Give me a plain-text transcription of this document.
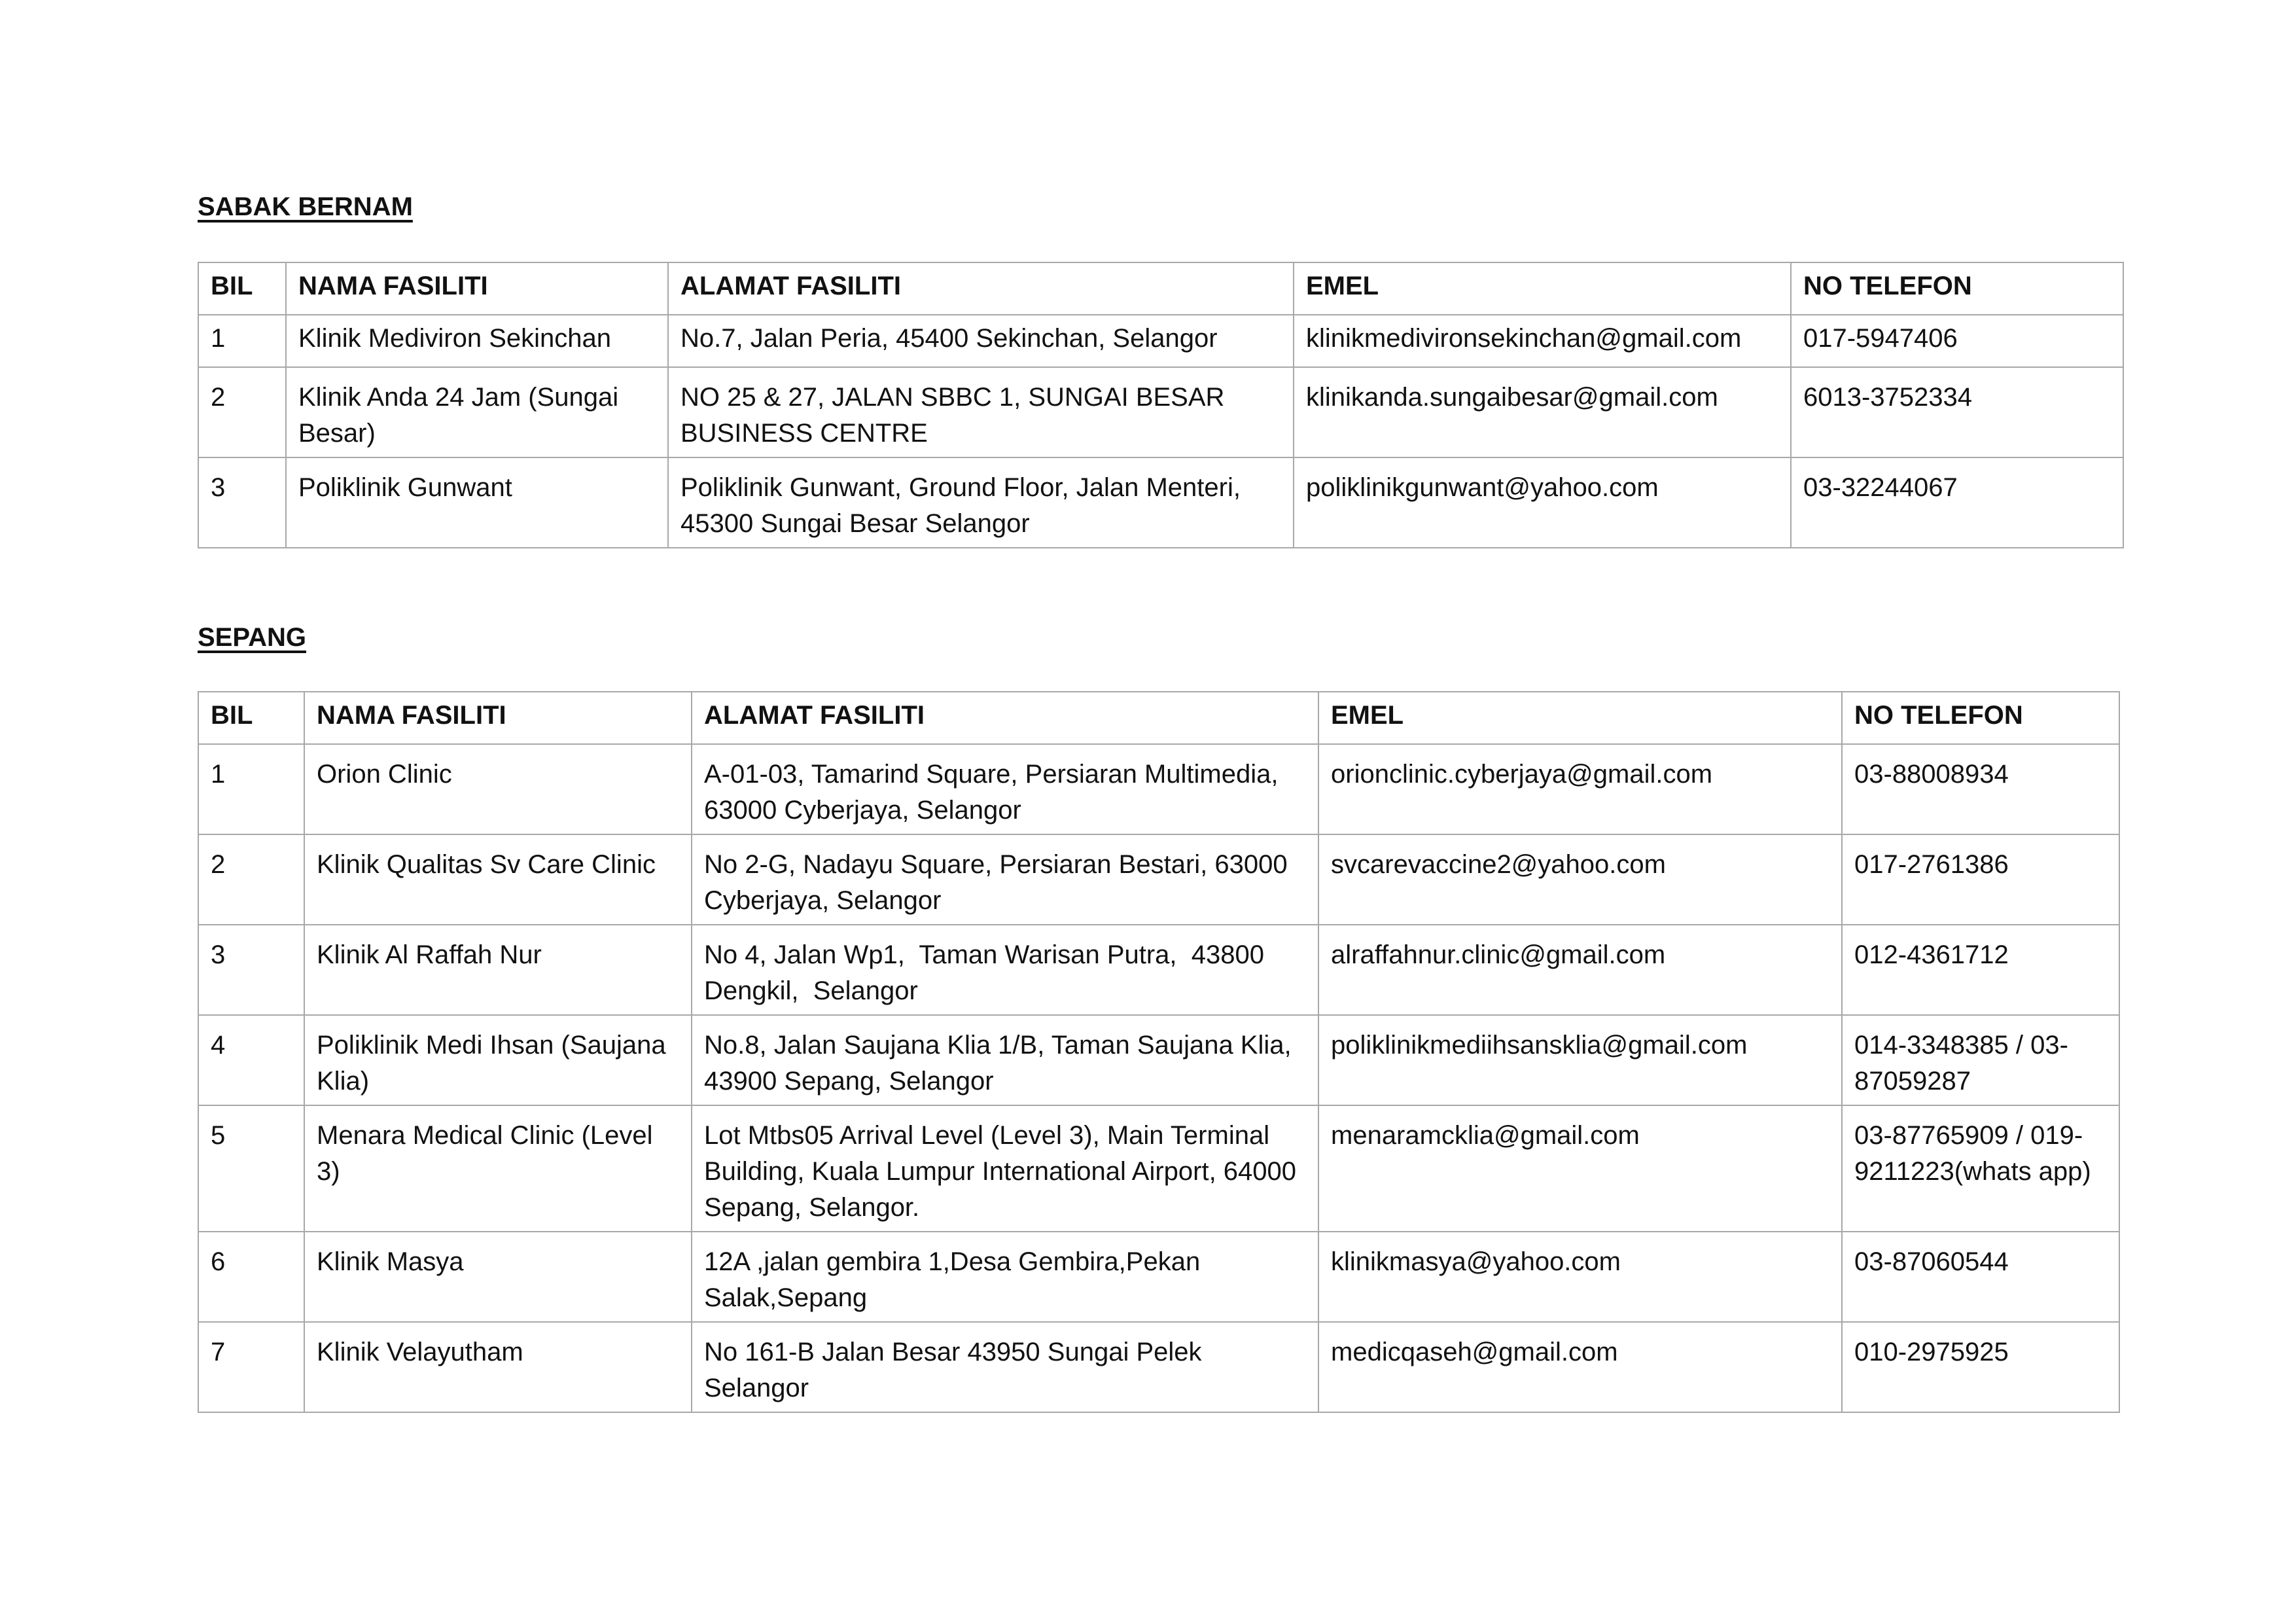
SABAK BERNAM
BIL	NAMA FASILITI	ALAMAT FASILITI	EMEL	NO TELEFON
1	Klinik Mediviron Sekinchan	No.7, Jalan Peria, 45400 Sekinchan, Selangor	klinikmedivironsekinchan@gmail.com	017-5947406
2	Klinik Anda 24 Jam (Sungai Besar)	NO 25 & 27, JALAN SBBC 1, SUNGAI BESAR BUSINESS CENTRE	klinikanda.sungaibesar@gmail.com	6013-3752334
3	Poliklinik Gunwant	Poliklinik Gunwant, Ground Floor, Jalan Menteri, 45300 Sungai Besar Selangor	poliklinikgunwant@yahoo.com	03-32244067
SEPANG
BIL	NAMA FASILITI	ALAMAT FASILITI	EMEL	NO TELEFON
1	Orion Clinic	A-01-03, Tamarind Square, Persiaran Multimedia, 63000 Cyberjaya, Selangor	orionclinic.cyberjaya@gmail.com	03-88008934
2	Klinik Qualitas Sv Care Clinic	No 2-G, Nadayu Square, Persiaran Bestari, 63000 Cyberjaya, Selangor	svcarevaccine2@yahoo.com	017-2761386
3	Klinik Al Raffah Nur	No 4, Jalan Wp1,  Taman Warisan Putra,  43800 Dengkil,  Selangor	alraffahnur.clinic@gmail.com	012-4361712
4	Poliklinik Medi Ihsan (Saujana Klia)	No.8, Jalan Saujana Klia 1/B, Taman Saujana Klia, 43900 Sepang, Selangor	poliklinikmediihsansklia@gmail.com	014-3348385 / 03-87059287
5	Menara Medical Clinic (Level 3)	Lot Mtbs05 Arrival Level (Level 3), Main Terminal Building, Kuala Lumpur International Airport, 64000 Sepang, Selangor.	menaramcklia@gmail.com	03-87765909 / 019-9211223(whats app)
6	Klinik Masya	12A ,jalan gembira 1,Desa Gembira,Pekan Salak,Sepang	klinikmasya@yahoo.com	03-87060544
7	Klinik Velayutham	No 161-B Jalan Besar 43950 Sungai Pelek Selangor	medicqaseh@gmail.com	010-2975925
